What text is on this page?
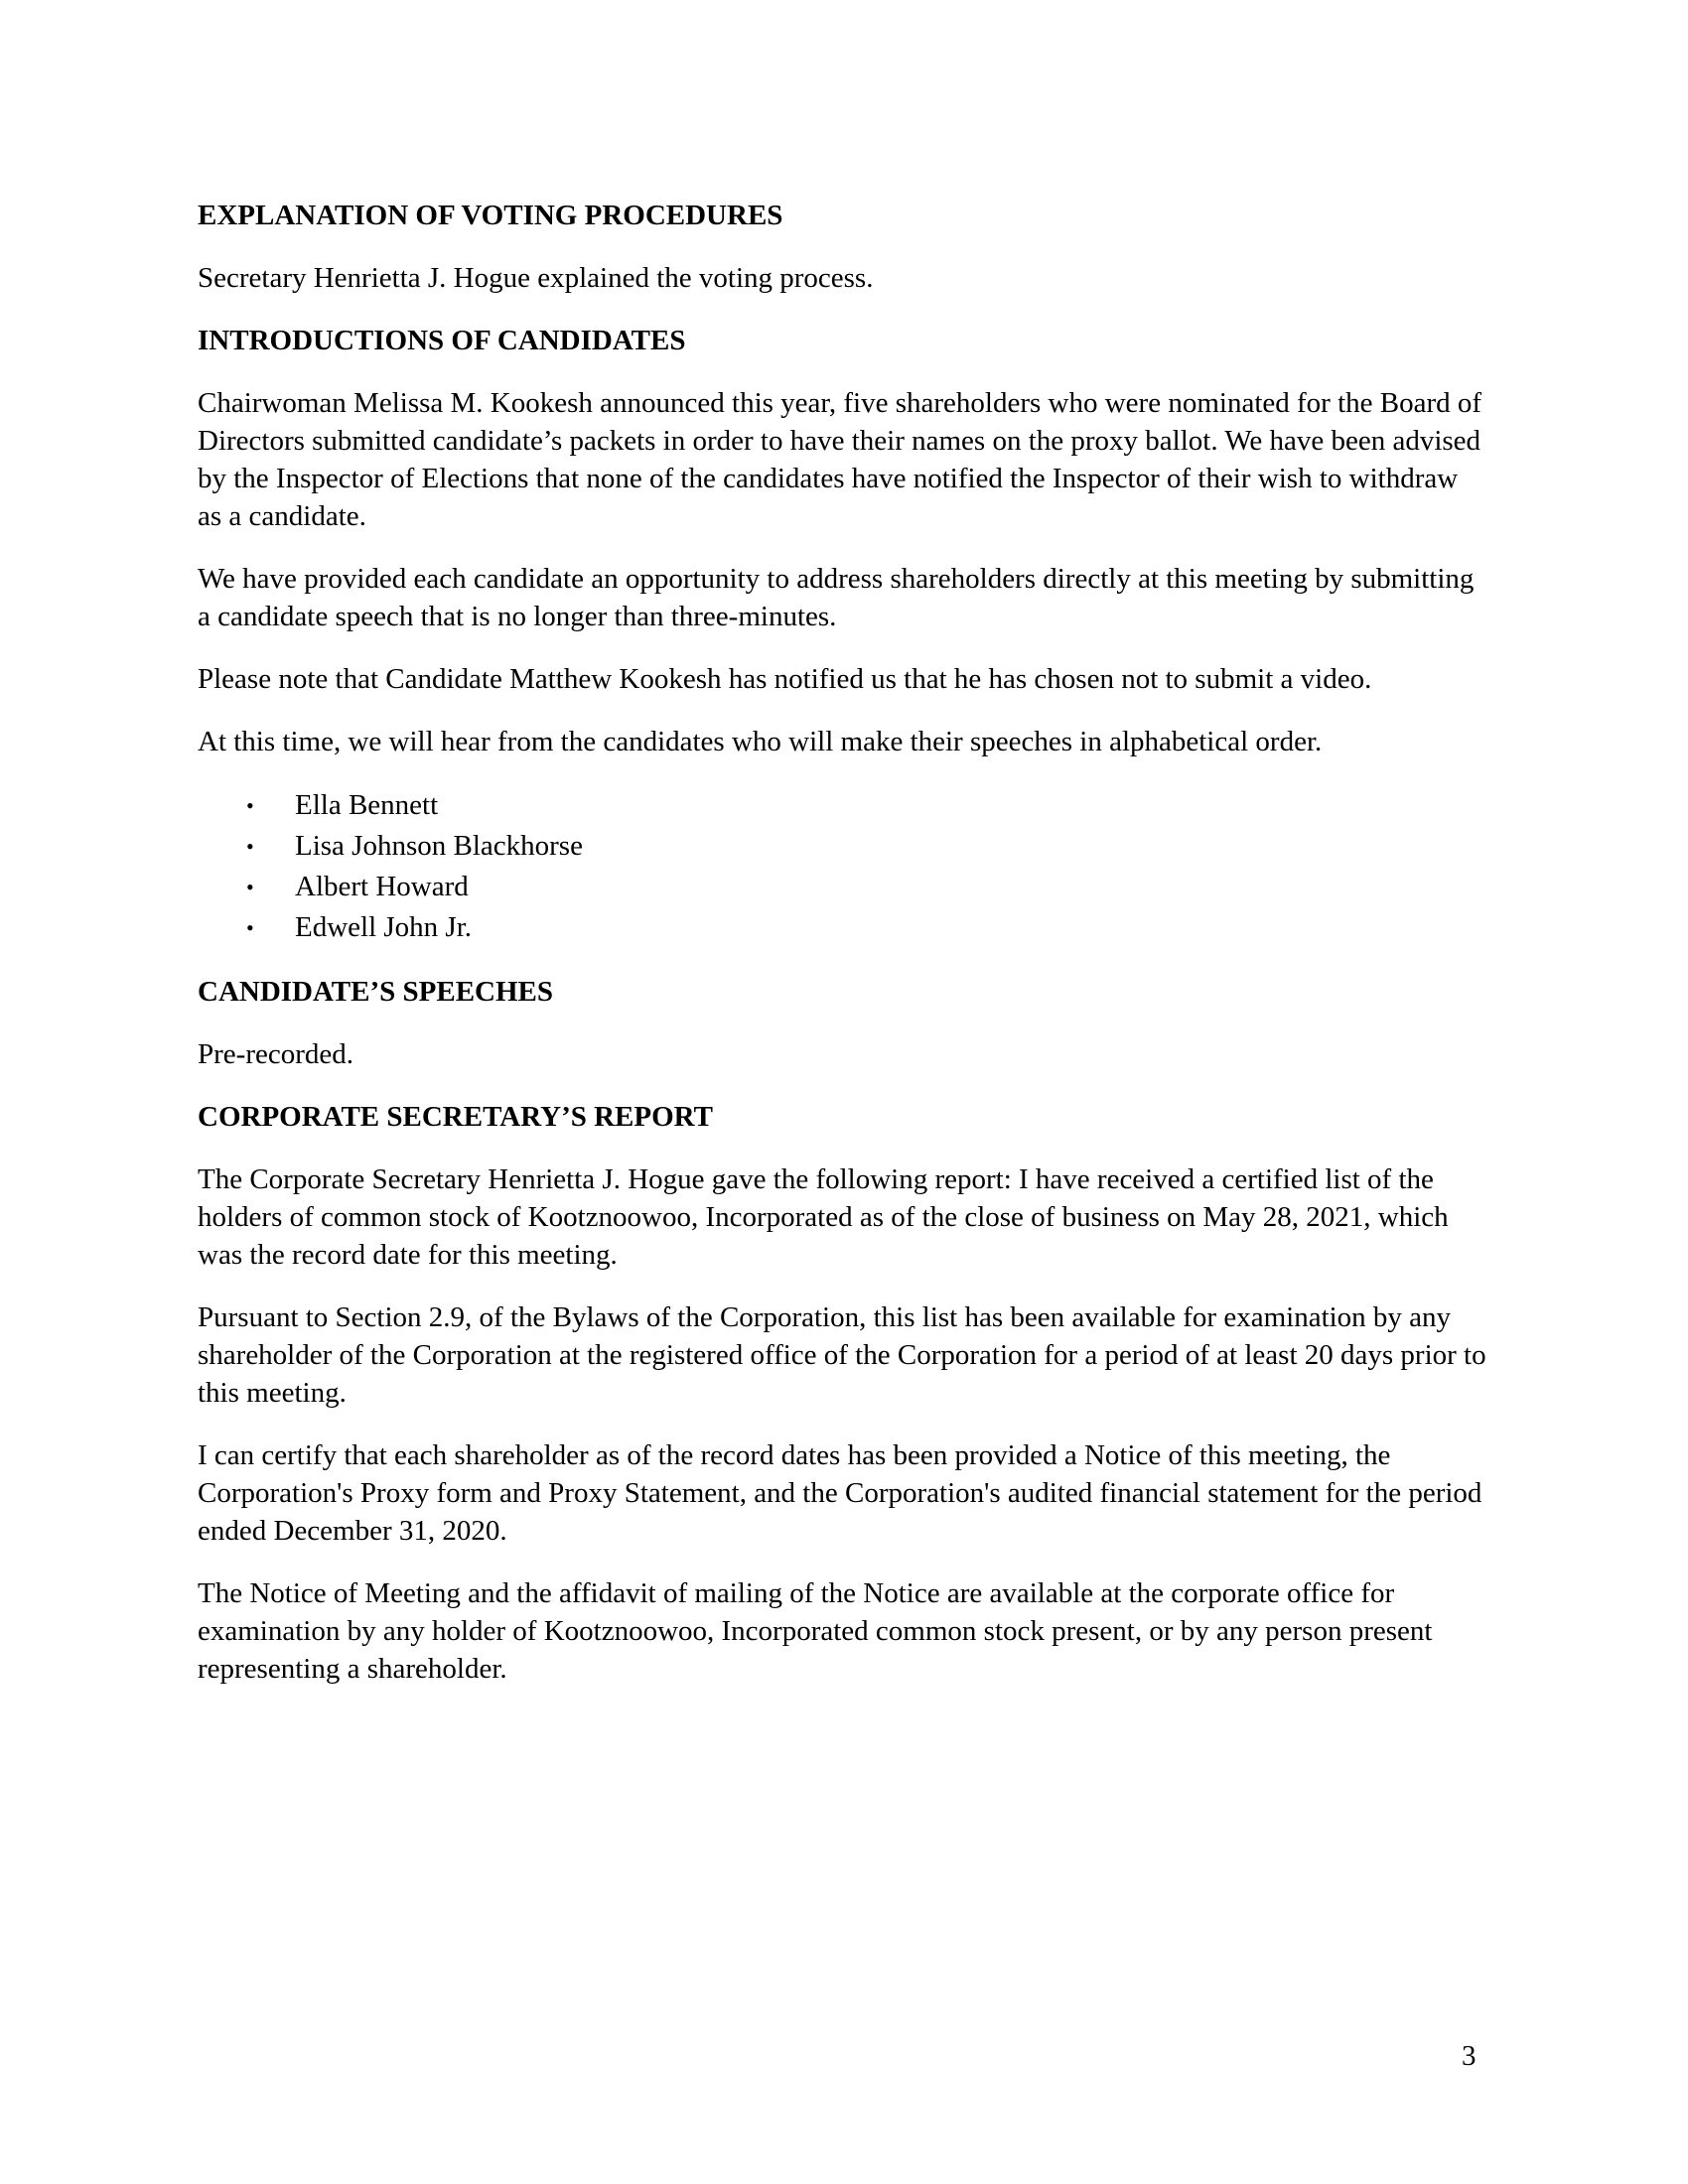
EXPLANATION OF VOTING PROCEDURES

Secretary Henrietta J. Hogue explained the voting process.

INTRODUCTIONS OF CANDIDATES

Chairwoman Melissa M. Kookesh announced this year, five shareholders who were nominated for the Board of Directors submitted candidate’s packets in order to have their names on the proxy ballot. We have been advised by the Inspector of Elections that none of the candidates have notified the Inspector of their wish to withdraw as a candidate.

We have provided each candidate an opportunity to address shareholders directly at this meeting by submitting a candidate speech that is no longer than three-minutes.

Please note that Candidate Matthew Kookesh has notified us that he has chosen not to submit a video.

At this time, we will hear from the candidates who will make their speeches in alphabetical order.

• Ella Bennett
• Lisa Johnson Blackhorse
• Albert Howard
• Edwell John Jr.
CANDIDATE’S SPEECHES

Pre-recorded.

CORPORATE SECRETARY’S REPORT

The Corporate Secretary Henrietta J. Hogue gave the following report: I have received a certified list of the holders of common stock of Kootznoowoo, Incorporated as of the close of business on May 28, 2021, which was the record date for this meeting.

Pursuant to Section 2.9, of the Bylaws of the Corporation, this list has been available for examination by any shareholder of the Corporation at the registered office of the Corporation for a period of at least 20 days prior to this meeting.

I can certify that each shareholder as of the record dates has been provided a Notice of this meeting, the Corporation's Proxy form and Proxy Statement, and the Corporation's audited financial statement for the period ended December 31, 2020.

The Notice of Meeting and the affidavit of mailing of the Notice are available at the corporate office for examination by any holder of Kootznoowoo, Incorporated common stock present, or by any person present representing a shareholder.

3
